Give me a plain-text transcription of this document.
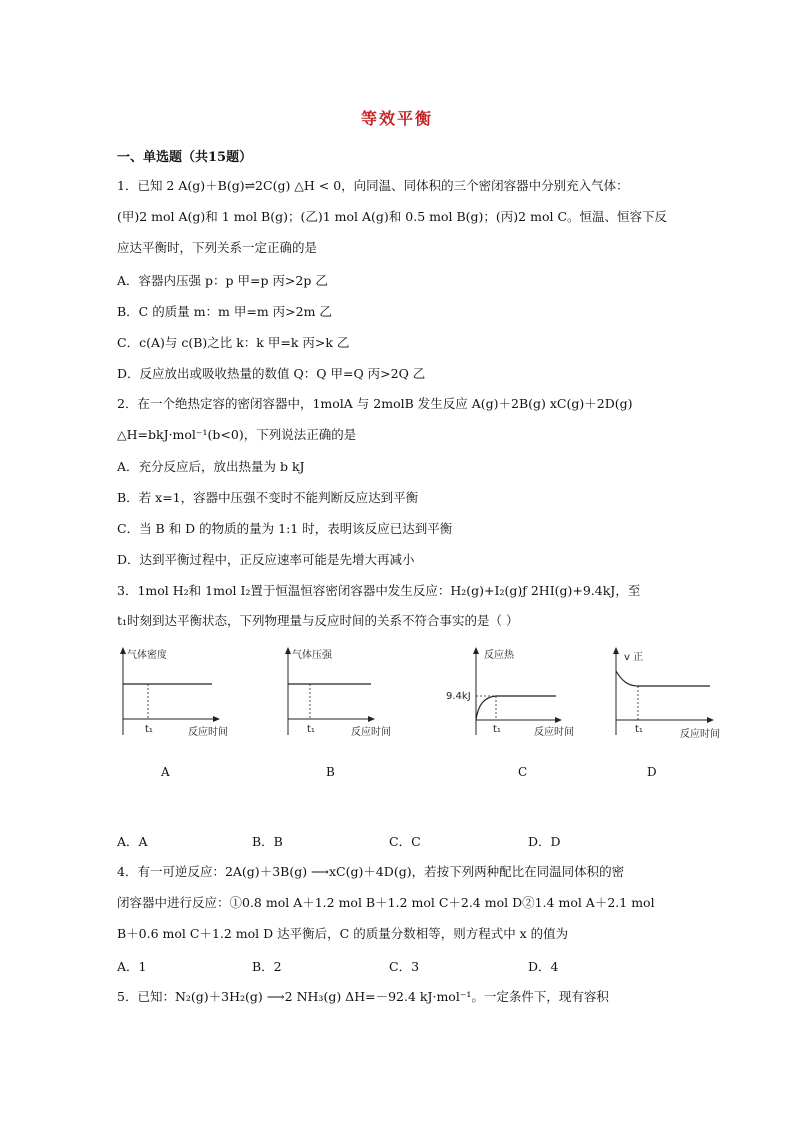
等效平衡
一、单选题（共15题）
1．已知 2 A(g)＋B(g)⇌2C(g) △H < 0，向同温、同体积的三个密闭容器中分别充入气体：
(甲)2 mol A(g)和 1 mol B(g)；(乙)1 mol A(g)和 0.5 mol B(g)；(丙)2 mol C。恒温、恒容下反
应达平衡时，下列关系一定正确的是
A．容器内压强 p：p 甲=p 丙>2p 乙
B．C 的质量 m：m 甲=m 丙>2m 乙
C．c(A)与 c(B)之比 k：k 甲=k 丙>k 乙
D．反应放出或吸收热量的数值 Q：Q 甲=Q 丙>2Q 乙
2．在一个绝热定容的密闭容器中，1molA 与 2molB 发生反应 A(g)＋2B(g) xC(g)＋2D(g)
△H=bkJ·mol⁻¹(b<0)，下列说法正确的是
A．充分反应后，放出热量为 b kJ
B．若 x=1，容器中压强不变时不能判断反应达到平衡
C．当 B 和 D 的物质的量为 1:1 时，表明该反应已达到平衡
D．达到平衡过程中，正反应速率可能是先增大再减小
3．1mol H₂和 1mol I₂置于恒温恒容密闭容器中发生反应：H₂(g)+I₂(g)ƒ 2HI(g)+9.4kJ，至
t₁时刻到达平衡状态，下列物理量与反应时间的关系不符合事实的是（ ）
气体密度
t₁	反应时间
A
气体压强
t₁	反应时间
B
反应热
9.4kJ
t₁	反应时间
C
v 正
t₁	反应时间
D
A．A	B．B	C．C	D．D
4．有一可逆反应：2A(g)＋3B(g) ⟶xC(g)＋4D(g)，若按下列两种配比在同温同体积的密
闭容器中进行反应：①0.8 mol A＋1.2 mol B＋1.2 mol C＋2.4 mol D②1.4 mol A＋2.1 mol
B＋0.6 mol C＋1.2 mol D 达平衡后，C 的质量分数相等，则方程式中 x 的值为
A．1	B．2	C．3	D．4
5．已知：N₂(g)＋3H₂(g) ⟶2 NH₃(g) ΔH=－92.4 kJ·mol⁻¹。一定条件下，现有容积
